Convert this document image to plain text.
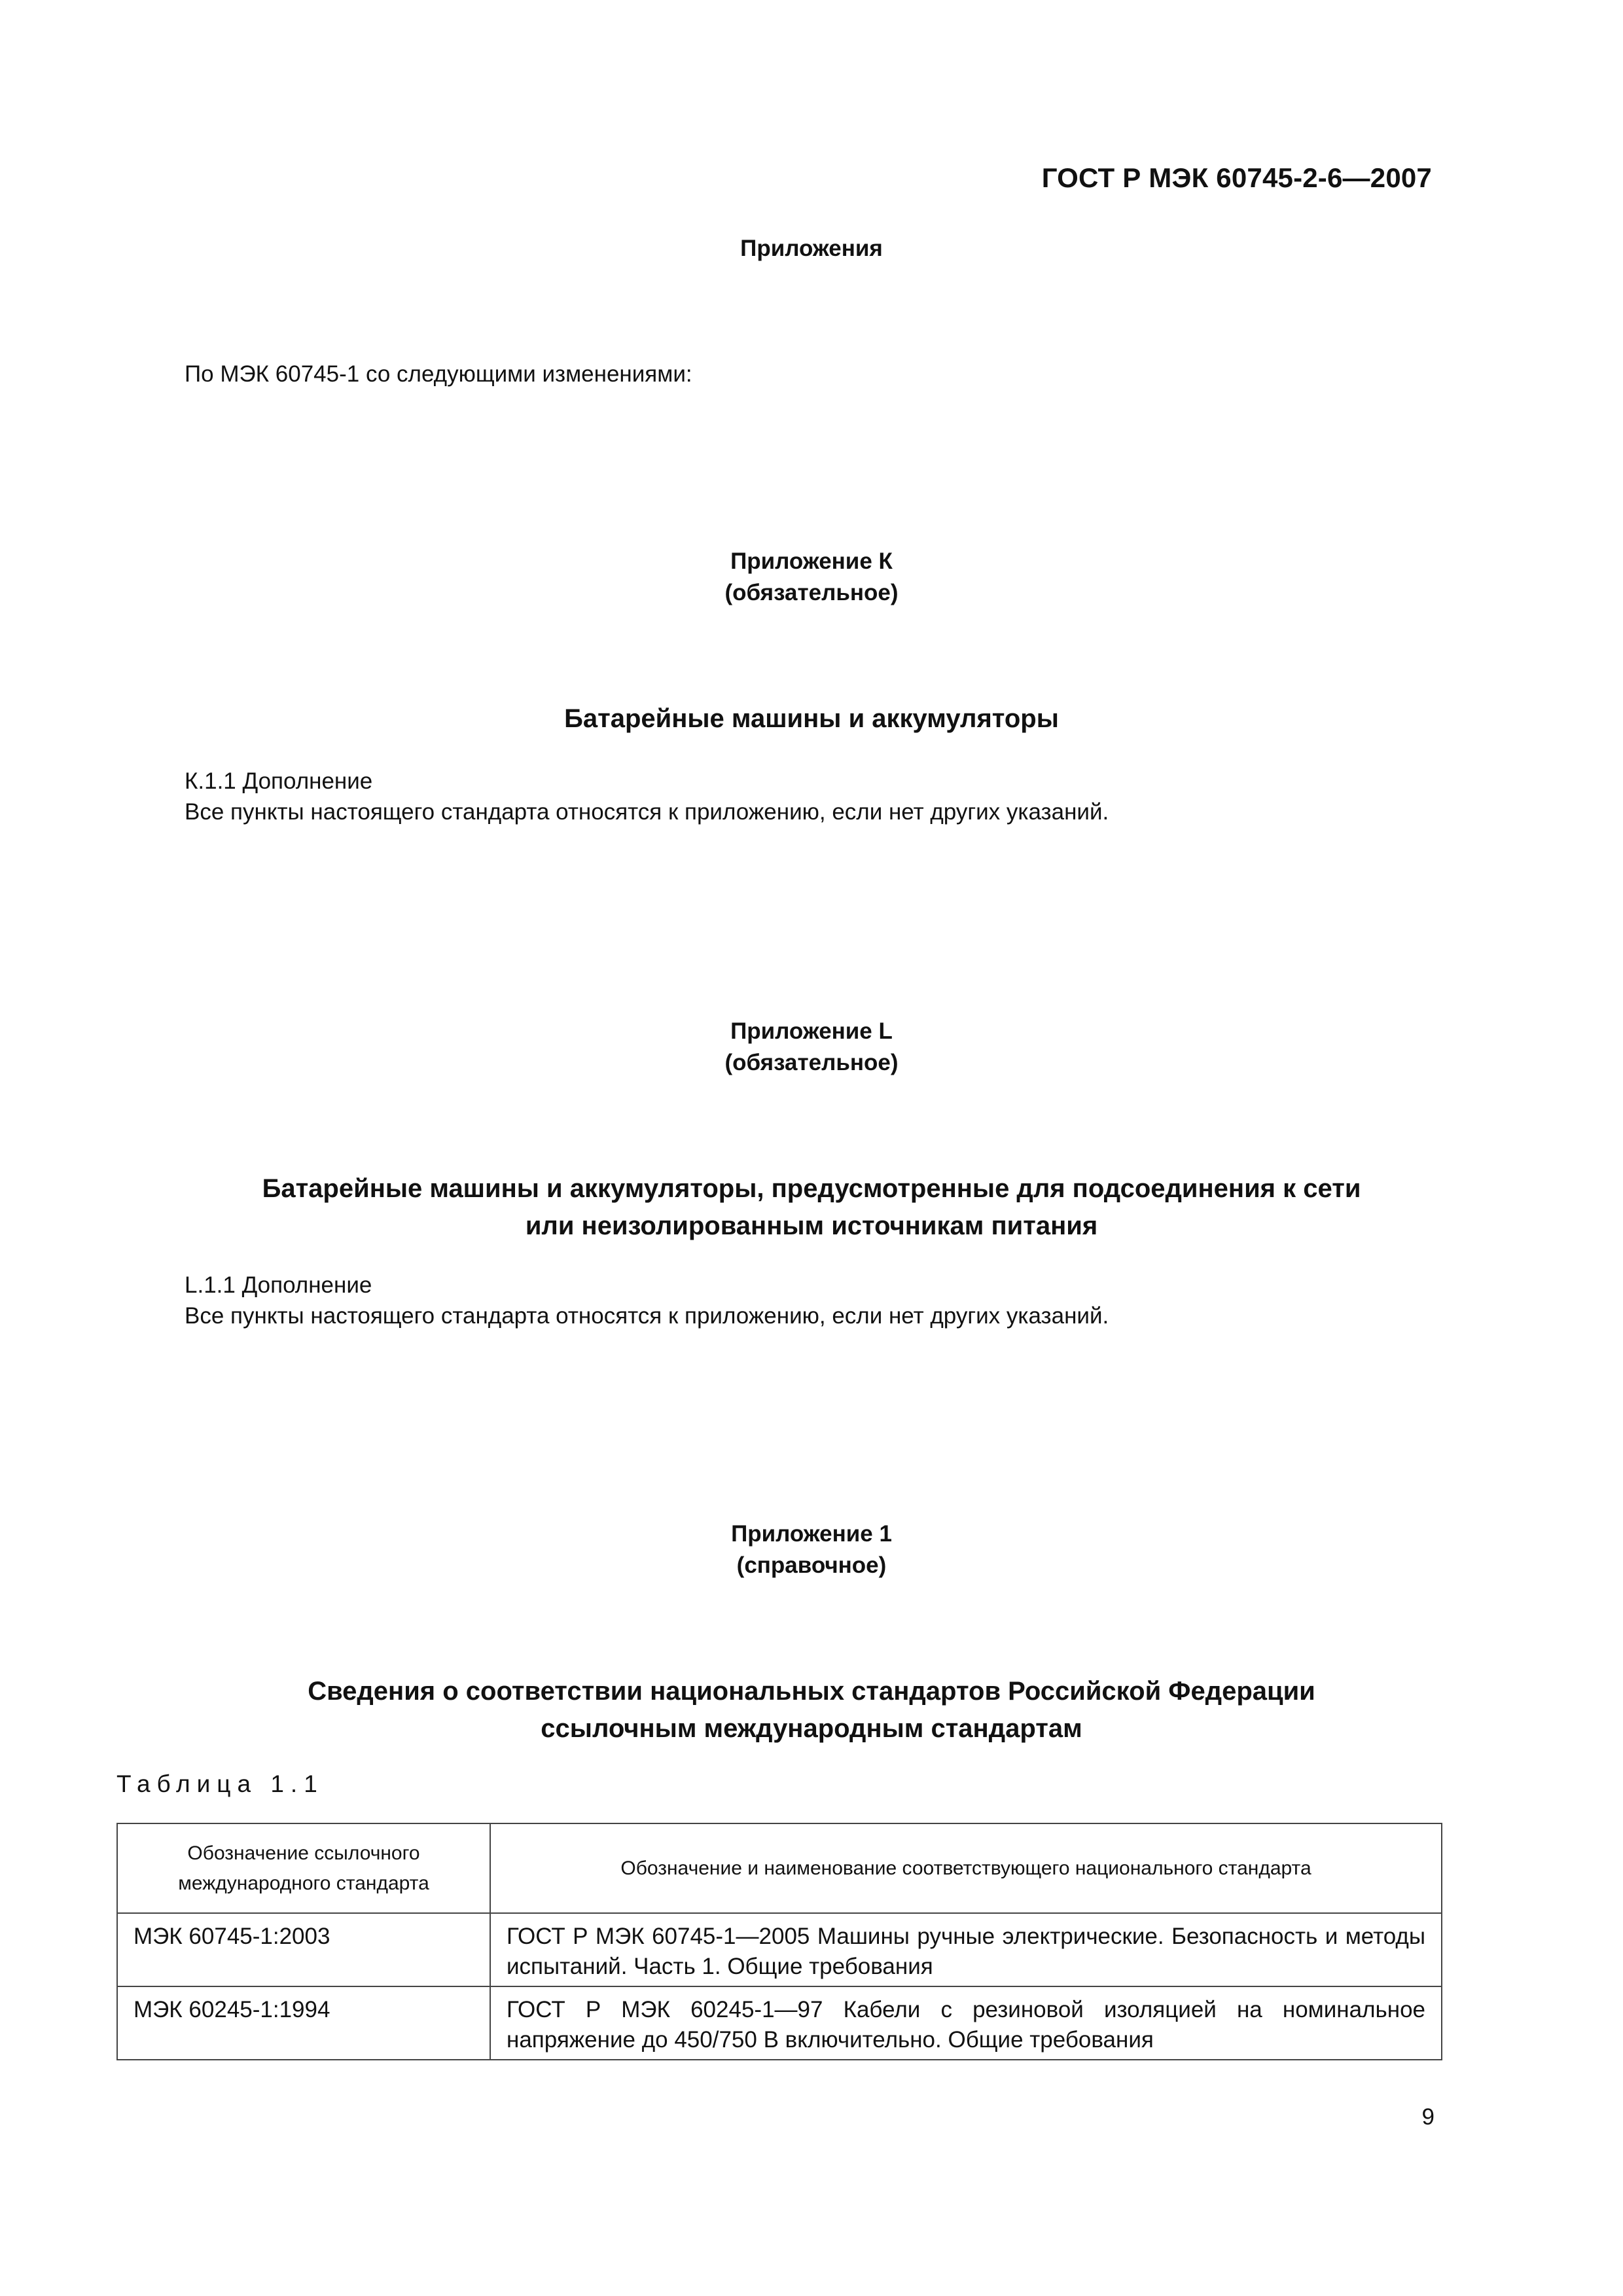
ГОСТ Р МЭК 60745-2-6—2007
Приложения
По МЭК 60745-1 со следующими изменениями:
Приложение К
(обязательное)
Батарейные машины и аккумуляторы
К.1.1 Дополнение
Все пункты настоящего стандарта относятся к приложению, если нет других указаний.
Приложение L
(обязательное)
Батарейные машины и аккумуляторы, предусмотренные для подсоединения к сети
или неизолированным источникам питания
L.1.1 Дополнение
Все пункты настоящего стандарта относятся к приложению, если нет других указаний.
Приложение 1
(справочное)
Сведения о соответствии национальных стандартов Российской Федерации
ссылочным международным стандартам
Таблица 1.1
Обозначение ссылочного
международного стандарта	Обозначение и наименование соответствующего национального стандарта
МЭК 60745-1:2003	ГОСТ Р МЭК 60745-1—2005 Машины ручные электрические. Безопасность и методы испытаний. Часть 1. Общие требования
МЭК 60245-1:1994	ГОСТ Р МЭК 60245-1—97 Кабели с резиновой изоляцией на номинальное напряжение до 450/750 В включительно. Общие требования
9
